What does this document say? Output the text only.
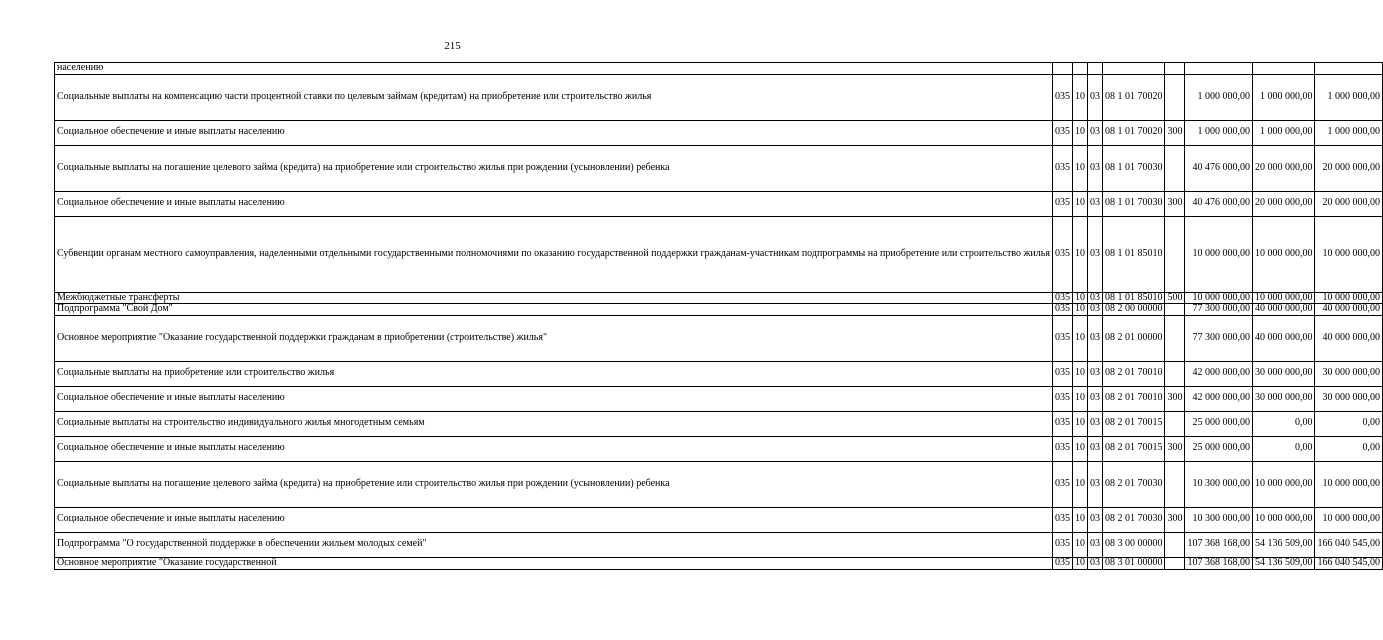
215
населению								
Социальные выплаты на компенсацию части процентной ставки по целевым займам (кредитам) на приобретение или строительство жилья	035	10	03	08 1 01 70020		1 000 000,00	1 000 000,00	1 000 000,00
Социальное обеспечение и иные выплаты населению	035	10	03	08 1 01 70020	300	1 000 000,00	1 000 000,00	1 000 000,00
Социальные выплаты на погашение целевого займа (кредита) на приобретение или строительство жилья при рождении (усыновлении) ребенка	035	10	03	08 1 01 70030		40 476 000,00	20 000 000,00	20 000 000,00
Социальное обеспечение и иные выплаты населению	035	10	03	08 1 01 70030	300	40 476 000,00	20 000 000,00	20 000 000,00
Субвенции органам местного самоуправления, наделенными отдельными государственными полномочиями по оказанию государственной поддержки гражданам-участникам подпрограммы на приобретение или строительство жилья	035	10	03	08 1 01 85010		10 000 000,00	10 000 000,00	10 000 000,00
Межбюджетные трансферты	035	10	03	08 1 01 85010	500	10 000 000,00	10 000 000,00	10 000 000,00
Подпрограмма "Свой Дом"	035	10	03	08 2 00 00000		77 300 000,00	40 000 000,00	40 000 000,00
Основное мероприятие "Оказание государственной поддержки гражданам в приобретении (строительстве) жилья"	035	10	03	08 2 01 00000		77 300 000,00	40 000 000,00	40 000 000,00
Социальные выплаты на приобретение или строительство жилья	035	10	03	08 2 01 70010		42 000 000,00	30 000 000,00	30 000 000,00
Социальное обеспечение и иные выплаты населению	035	10	03	08 2 01 70010	300	42 000 000,00	30 000 000,00	30 000 000,00
Социальные выплаты на строительство индивидуального жилья многодетным семьям	035	10	03	08 2 01 70015		25 000 000,00	0,00	0,00
Социальное обеспечение и иные выплаты населению	035	10	03	08 2 01 70015	300	25 000 000,00	0,00	0,00
Социальные выплаты на погашение целевого займа (кредита) на приобретение или строительство жилья при рождении (усыновлении) ребенка	035	10	03	08 2 01 70030		10 300 000,00	10 000 000,00	10 000 000,00
Социальное обеспечение и иные выплаты населению	035	10	03	08 2 01 70030	300	10 300 000,00	10 000 000,00	10 000 000,00
Подпрограмма "О государственной поддержке в обеспечении жильем молодых семей"	035	10	03	08 3 00 00000		107 368 168,00	54 136 509,00	166 040 545,00
Основное мероприятие "Оказание государственной	035	10	03	08 3 01 00000		107 368 168,00	54 136 509,00	166 040 545,00
